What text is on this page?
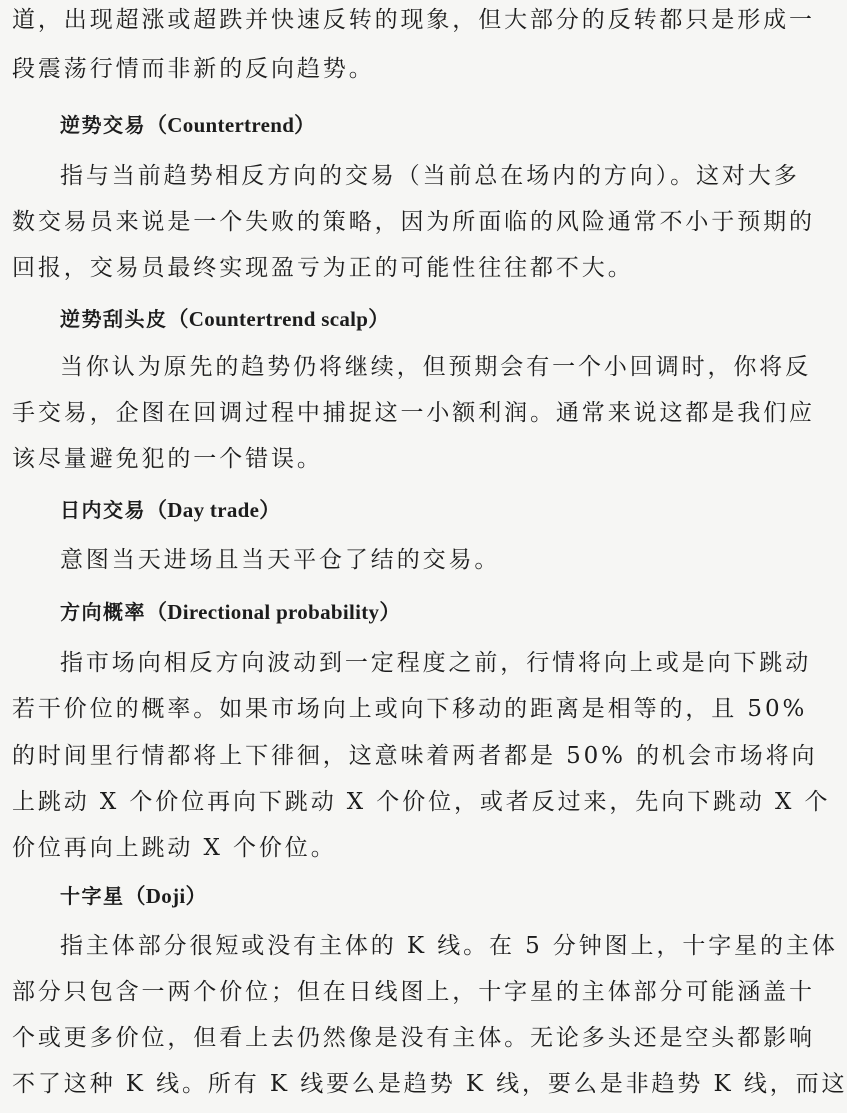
道，出现超涨或超跌并快速反转的现象，但大部分的反转都只是形成一
段震荡行情而非新的反向趋势。
逆势交易（Countertrend）
指与当前趋势相反方向的交易（当前总在场内的方向）。这对大多
数交易员来说是一个失败的策略，因为所面临的风险通常不小于预期的
回报，交易员最终实现盈亏为正的可能性往往都不大。
逆势刮头皮（Countertrend scalp）
当你认为原先的趋势仍将继续，但预期会有一个小回调时，你将反
手交易，企图在回调过程中捕捉这一小额利润。通常来说这都是我们应
该尽量避免犯的一个错误。
日内交易（Day trade）
意图当天进场且当天平仓了结的交易。
方向概率（Directional probability）
指市场向相反方向波动到一定程度之前，行情将向上或是向下跳动
若干价位的概率。如果市场向上或向下移动的距离是相等的，且 50%
的时间里行情都将上下徘徊，这意味着两者都是 50% 的机会市场将向
上跳动 X 个价位再向下跳动 X 个价位，或者反过来，先向下跳动 X 个
价位再向上跳动 X 个价位。
十字星（Doji）
指主体部分很短或没有主体的 K 线。在 5 分钟图上，十字星的主体
部分只包含一两个价位；但在日线图上，十字星的主体部分可能涵盖十
个或更多价位，但看上去仍然像是没有主体。无论多头还是空头都影响
不了这种 K 线。所有 K 线要么是趋势 K 线，要么是非趋势 K 线，而这
